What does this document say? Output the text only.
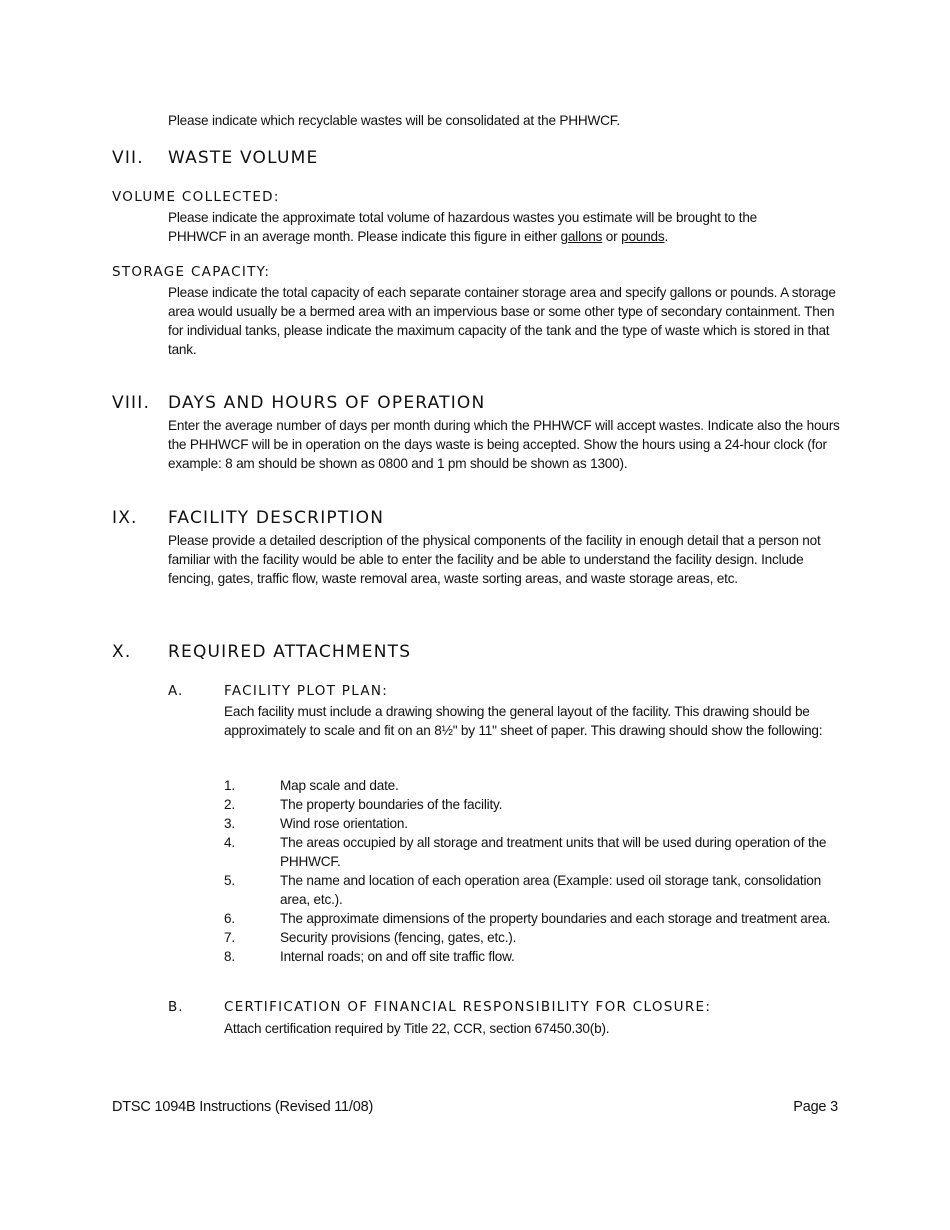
Please indicate which recyclable wastes will be consolidated at the PHHWCF.
VII. WASTE VOLUME
VOLUME COLLECTED:
Please indicate the approximate total volume of hazardous wastes you estimate will be brought to the PHHWCF in an average month. Please indicate this figure in either gallons or pounds.
STORAGE CAPACITY:
Please indicate the total capacity of each separate container storage area and specify gallons or pounds. A storage area would usually be a bermed area with an impervious base or some other type of secondary containment. Then for individual tanks, please indicate the maximum capacity of the tank and the type of waste which is stored in that tank.
VIII. DAYS AND HOURS OF OPERATION
Enter the average number of days per month during which the PHHWCF will accept wastes. Indicate also the hours the PHHWCF will be in operation on the days waste is being accepted. Show the hours using a 24-hour clock (for example: 8 am should be shown as 0800 and 1 pm should be shown as 1300).
IX. FACILITY DESCRIPTION
Please provide a detailed description of the physical components of the facility in enough detail that a person not familiar with the facility would be able to enter the facility and be able to understand the facility design. Include fencing, gates, traffic flow, waste removal area, waste sorting areas, and waste storage areas, etc.
X. REQUIRED ATTACHMENTS
A.	FACILITY PLOT PLAN:
Each facility must include a drawing showing the general layout of the facility. This drawing should be approximately to scale and fit on an 8½" by 11" sheet of paper. This drawing should show the following:
1.	Map scale and date.
2.	The property boundaries of the facility.
3.	Wind rose orientation.
4.	The areas occupied by all storage and treatment units that will be used during operation of the PHHWCF.
5.	The name and location of each operation area (Example: used oil storage tank, consolidation area, etc.).
6.	The approximate dimensions of the property boundaries and each storage and treatment area.
7.	Security provisions (fencing, gates, etc.).
8.	Internal roads; on and off site traffic flow.
B.	CERTIFICATION OF FINANCIAL RESPONSIBILITY FOR CLOSURE:
Attach certification required by Title 22, CCR, section 67450.30(b).
DTSC 1094B Instructions (Revised 11/08)	Page 3
